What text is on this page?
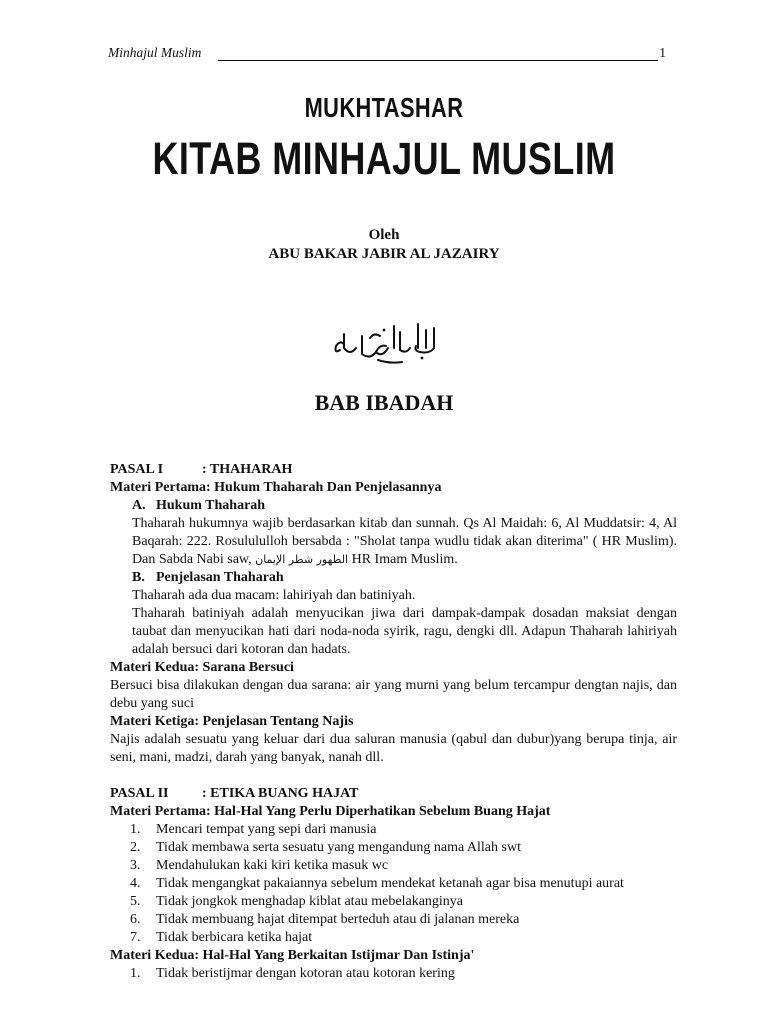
Minhajul Muslim	1
MUKHTASHAR
KITAB MINHAJUL MUSLIM
Oleh
ABU BAKAR JABIR AL JAZAIRY
BAB IBADAH
PASAL I	: THAHARAH
Materi Pertama: Hukum Thaharah Dan Penjelasannya
A. Hukum Thaharah
Thaharah hukumnya wajib berdasarkan kitab dan sunnah. Qs Al Maidah: 6, Al Muddatsir: 4, Al Baqarah: 222. Rosulululloh bersabda : "Sholat tanpa wudlu tidak akan diterima" ( HR Muslim). Dan Sabda Nabi saw, الطهور شطر الإيمان HR Imam Muslim.
B. Penjelasan Thaharah
Thaharah ada dua macam: lahiriyah dan batiniyah.
Thaharah batiniyah adalah menyucikan jiwa dari dampak-dampak dosadan maksiat dengan taubat dan menyucikan hati dari noda-noda syirik, ragu, dengki dll. Adapun Thaharah lahiriyah adalah bersuci dari kotoran dan hadats.
Materi Kedua: Sarana Bersuci
Bersuci bisa dilakukan dengan dua sarana: air yang murni yang belum tercampur dengtan najis, dan debu yang suci
Materi Ketiga: Penjelasan Tentang Najis
Najis adalah sesuatu yang keluar dari dua saluran manusia (qabul dan dubur)yang berupa tinja, air seni, mani, madzi, darah yang banyak, nanah dll.
PASAL II	: ETIKA BUANG HAJAT
Materi Pertama: Hal-Hal Yang Perlu Diperhatikan Sebelum Buang Hajat
1.	Mencari tempat yang sepi dari manusia
2.	Tidak membawa serta sesuatu yang mengandung nama Allah swt
3.	Mendahulukan kaki kiri ketika masuk wc
4.	Tidak mengangkat pakaiannya sebelum mendekat ketanah agar bisa menutupi aurat
5.	Tidak jongkok menghadap kiblat atau mebelakanginya
6.	Tidak membuang hajat ditempat berteduh atau di jalanan mereka
7.	Tidak berbicara ketika hajat
Materi Kedua: Hal-Hal Yang Berkaitan Istijmar Dan Istinja'
1.	Tidak beristijmar dengan kotoran atau kotoran kering
